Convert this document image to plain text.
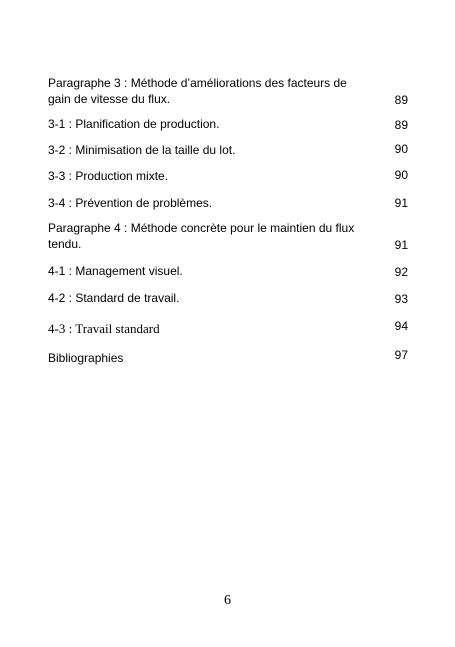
Paragraphe 3 : Méthode d’améliorations des facteurs de
gain de vitesse du flux.	89
3-1 : Planification de production.	89
3-2 : Minimisation de la taille du lot.	90
3-3 : Production mixte.	90
3-4 : Prévention de problèmes.	91
Paragraphe 4 : Méthode concrète pour le maintien du flux
tendu.	91
4-1 : Management visuel.	92
4-2 : Standard de travail.	93
4-3 : Travail standard	94
Bibliographies	97
6
